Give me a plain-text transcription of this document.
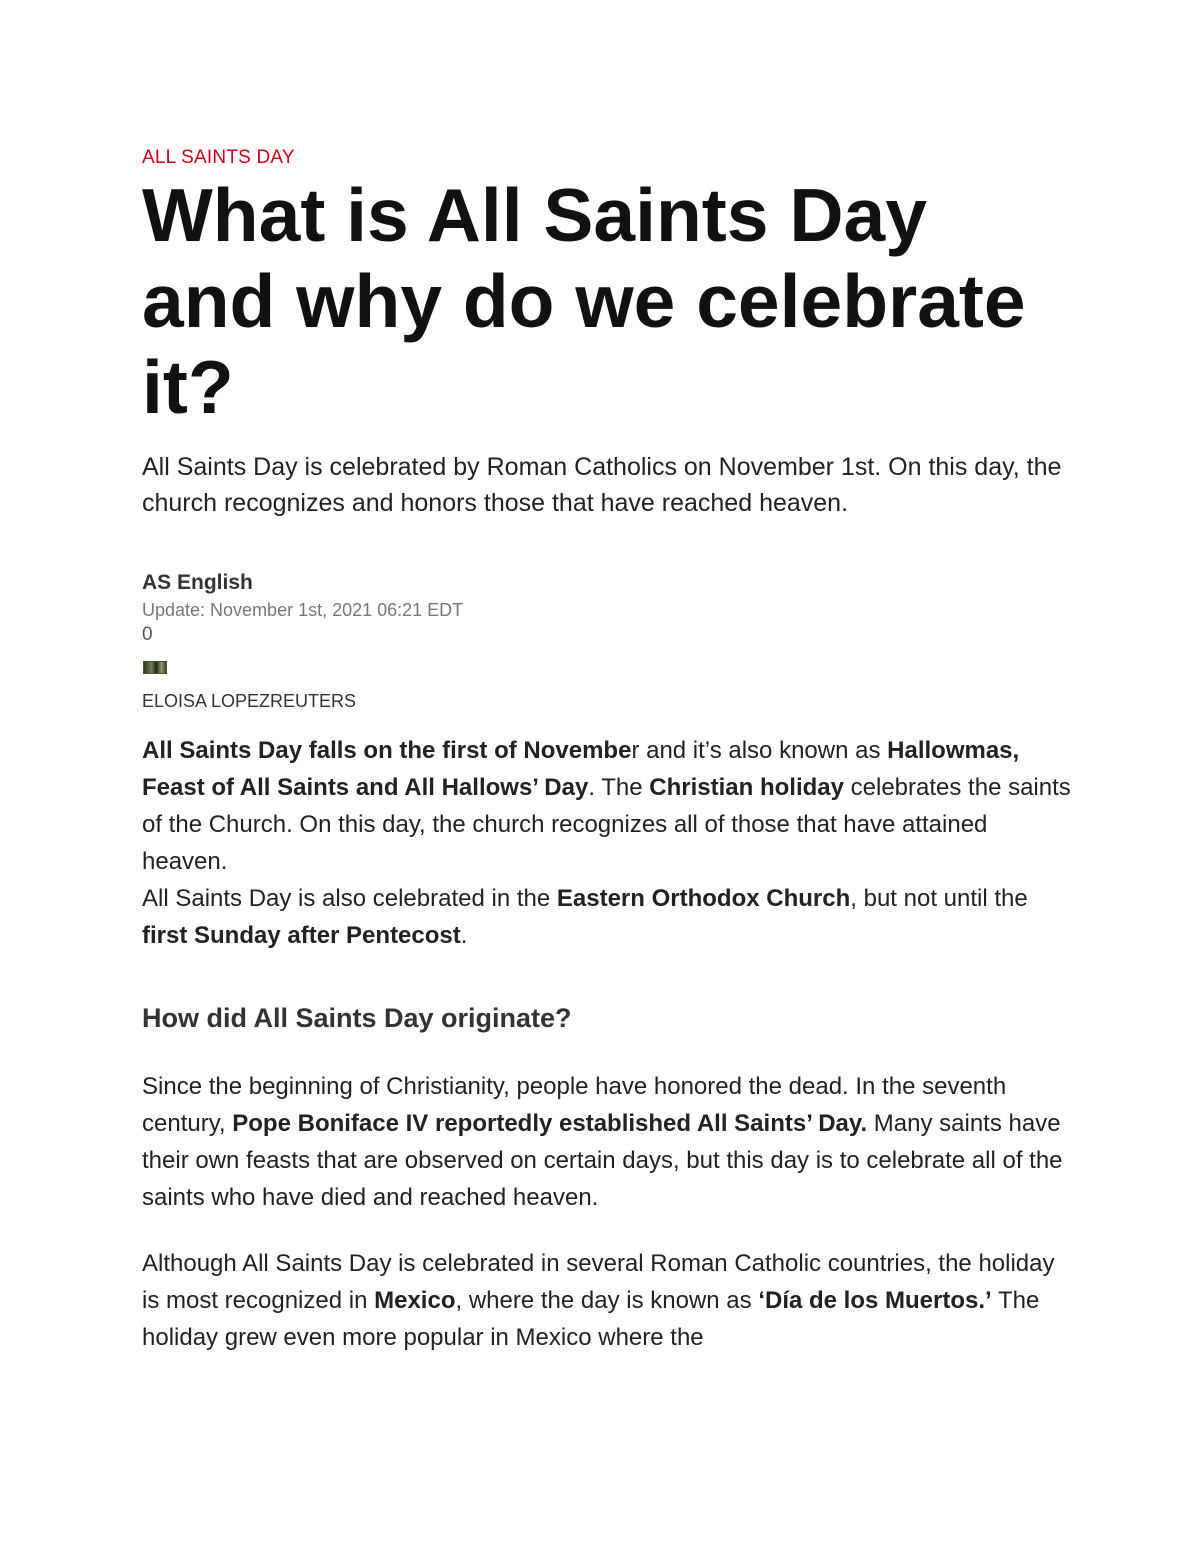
ALL SAINTS DAY
What is All Saints Day and why do we celebrate it?

All Saints Day is celebrated by Roman Catholics on November 1st. On this day, the church recognizes and honors those that have reached heaven.

AS English
Update: November 1st, 2021 06:21 EDT
0
ELOISA LOPEZREUTERS

All Saints Day falls on the first of November and it’s also known as Hallowmas, Feast of All Saints and All Hallows’ Day. The Christian holiday celebrates the saints of the Church. On this day, the church recognizes all of those that have attained heaven.
All Saints Day is also celebrated in the Eastern Orthodox Church, but not until the first Sunday after Pentecost.

How did All Saints Day originate?

Since the beginning of Christianity, people have honored the dead. In the seventh century, Pope Boniface IV reportedly established All Saints’ Day. Many saints have their own feasts that are observed on certain days, but this day is to celebrate all of the saints who have died and reached heaven.

Although All Saints Day is celebrated in several Roman Catholic countries, the holiday is most recognized in Mexico, where the day is known as ‘Día de los Muertos.’ The holiday grew even more popular in Mexico where the
